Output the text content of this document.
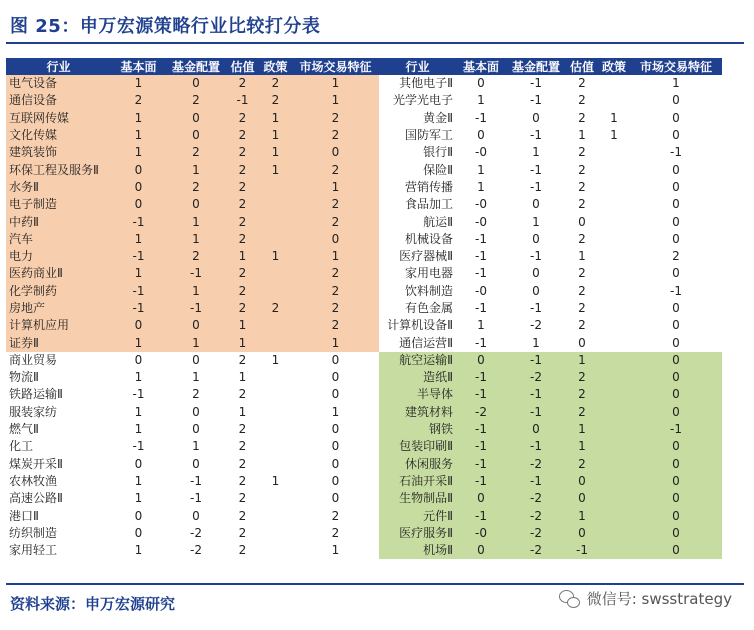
图 25：申万宏源策略行业比较打分表
行业	基本面	基金配置	估值	政策	市场交易特征
电气设备	1	0	2	2	1
通信设备	2	2	-1	2	1
互联网传媒	1	0	2	1	2
文化传媒	1	0	2	1	2
建筑装饰	1	2	2	1	0
环保工程及服务Ⅱ	0	1	2	1	2
水务Ⅱ	0	2	2		1
电子制造	0	0	2		2
中药Ⅱ	-1	1	2		2
汽车	1	1	2		0
电力	-1	2	1	1	1
医药商业Ⅱ	1	-1	2		2
化学制药	-1	1	2		2
房地产	-1	-1	2	2	2
计算机应用	0	0	1		2
证券Ⅱ	1	1	1		1
商业贸易	0	0	2	1	0
物流Ⅱ	1	1	1		0
铁路运输Ⅱ	-1	2	2		0
服装家纺	1	0	1		1
燃气Ⅱ	1	0	2		0
化工	-1	1	2		0
煤炭开采Ⅱ	0	0	2		0
农林牧渔	1	-1	2	1	0
高速公路Ⅱ	1	-1	2		0
港口Ⅱ	0	0	2		2
纺织制造	0	-2	2		2
家用轻工	1	-2	2		1
行业	基本面	基金配置	估值	政策	市场交易特征
其他电子Ⅱ	0	-1	2		1
光学光电子	1	-1	2		0
黄金Ⅱ	-1	0	2	1	0
国防军工	0	-1	1	1	0
银行Ⅱ	-0	1	2		-1
保险Ⅱ	1	-1	2		0
营销传播	1	-1	2		0
食品加工	-0	0	2		0
航运Ⅱ	-0	1	0		0
机械设备	-1	0	2		0
医疗器械Ⅱ	-1	-1	1		2
家用电器	-1	0	2		0
饮料制造	-0	0	2		-1
有色金属	-1	-1	2		0
计算机设备Ⅱ	1	-2	2		0
通信运营Ⅱ	-1	1	0		0
航空运输Ⅱ	0	-1	1		0
造纸Ⅱ	-1	-2	2		0
半导体	-1	-1	2		0
建筑材料	-2	-1	2		0
钢铁	-1	0	1		-1
包装印刷Ⅱ	-1	-1	1		0
休闲服务	-1	-2	2		0
石油开采Ⅱ	-1	-1	0		0
生物制品Ⅱ	0	-2	0		0
元件Ⅱ	-1	-2	1		0
医疗服务Ⅱ	-0	-2	0		0
机场Ⅱ	0	-2	-1		0
资料来源：申万宏源研究	微信号: swsstrategy
